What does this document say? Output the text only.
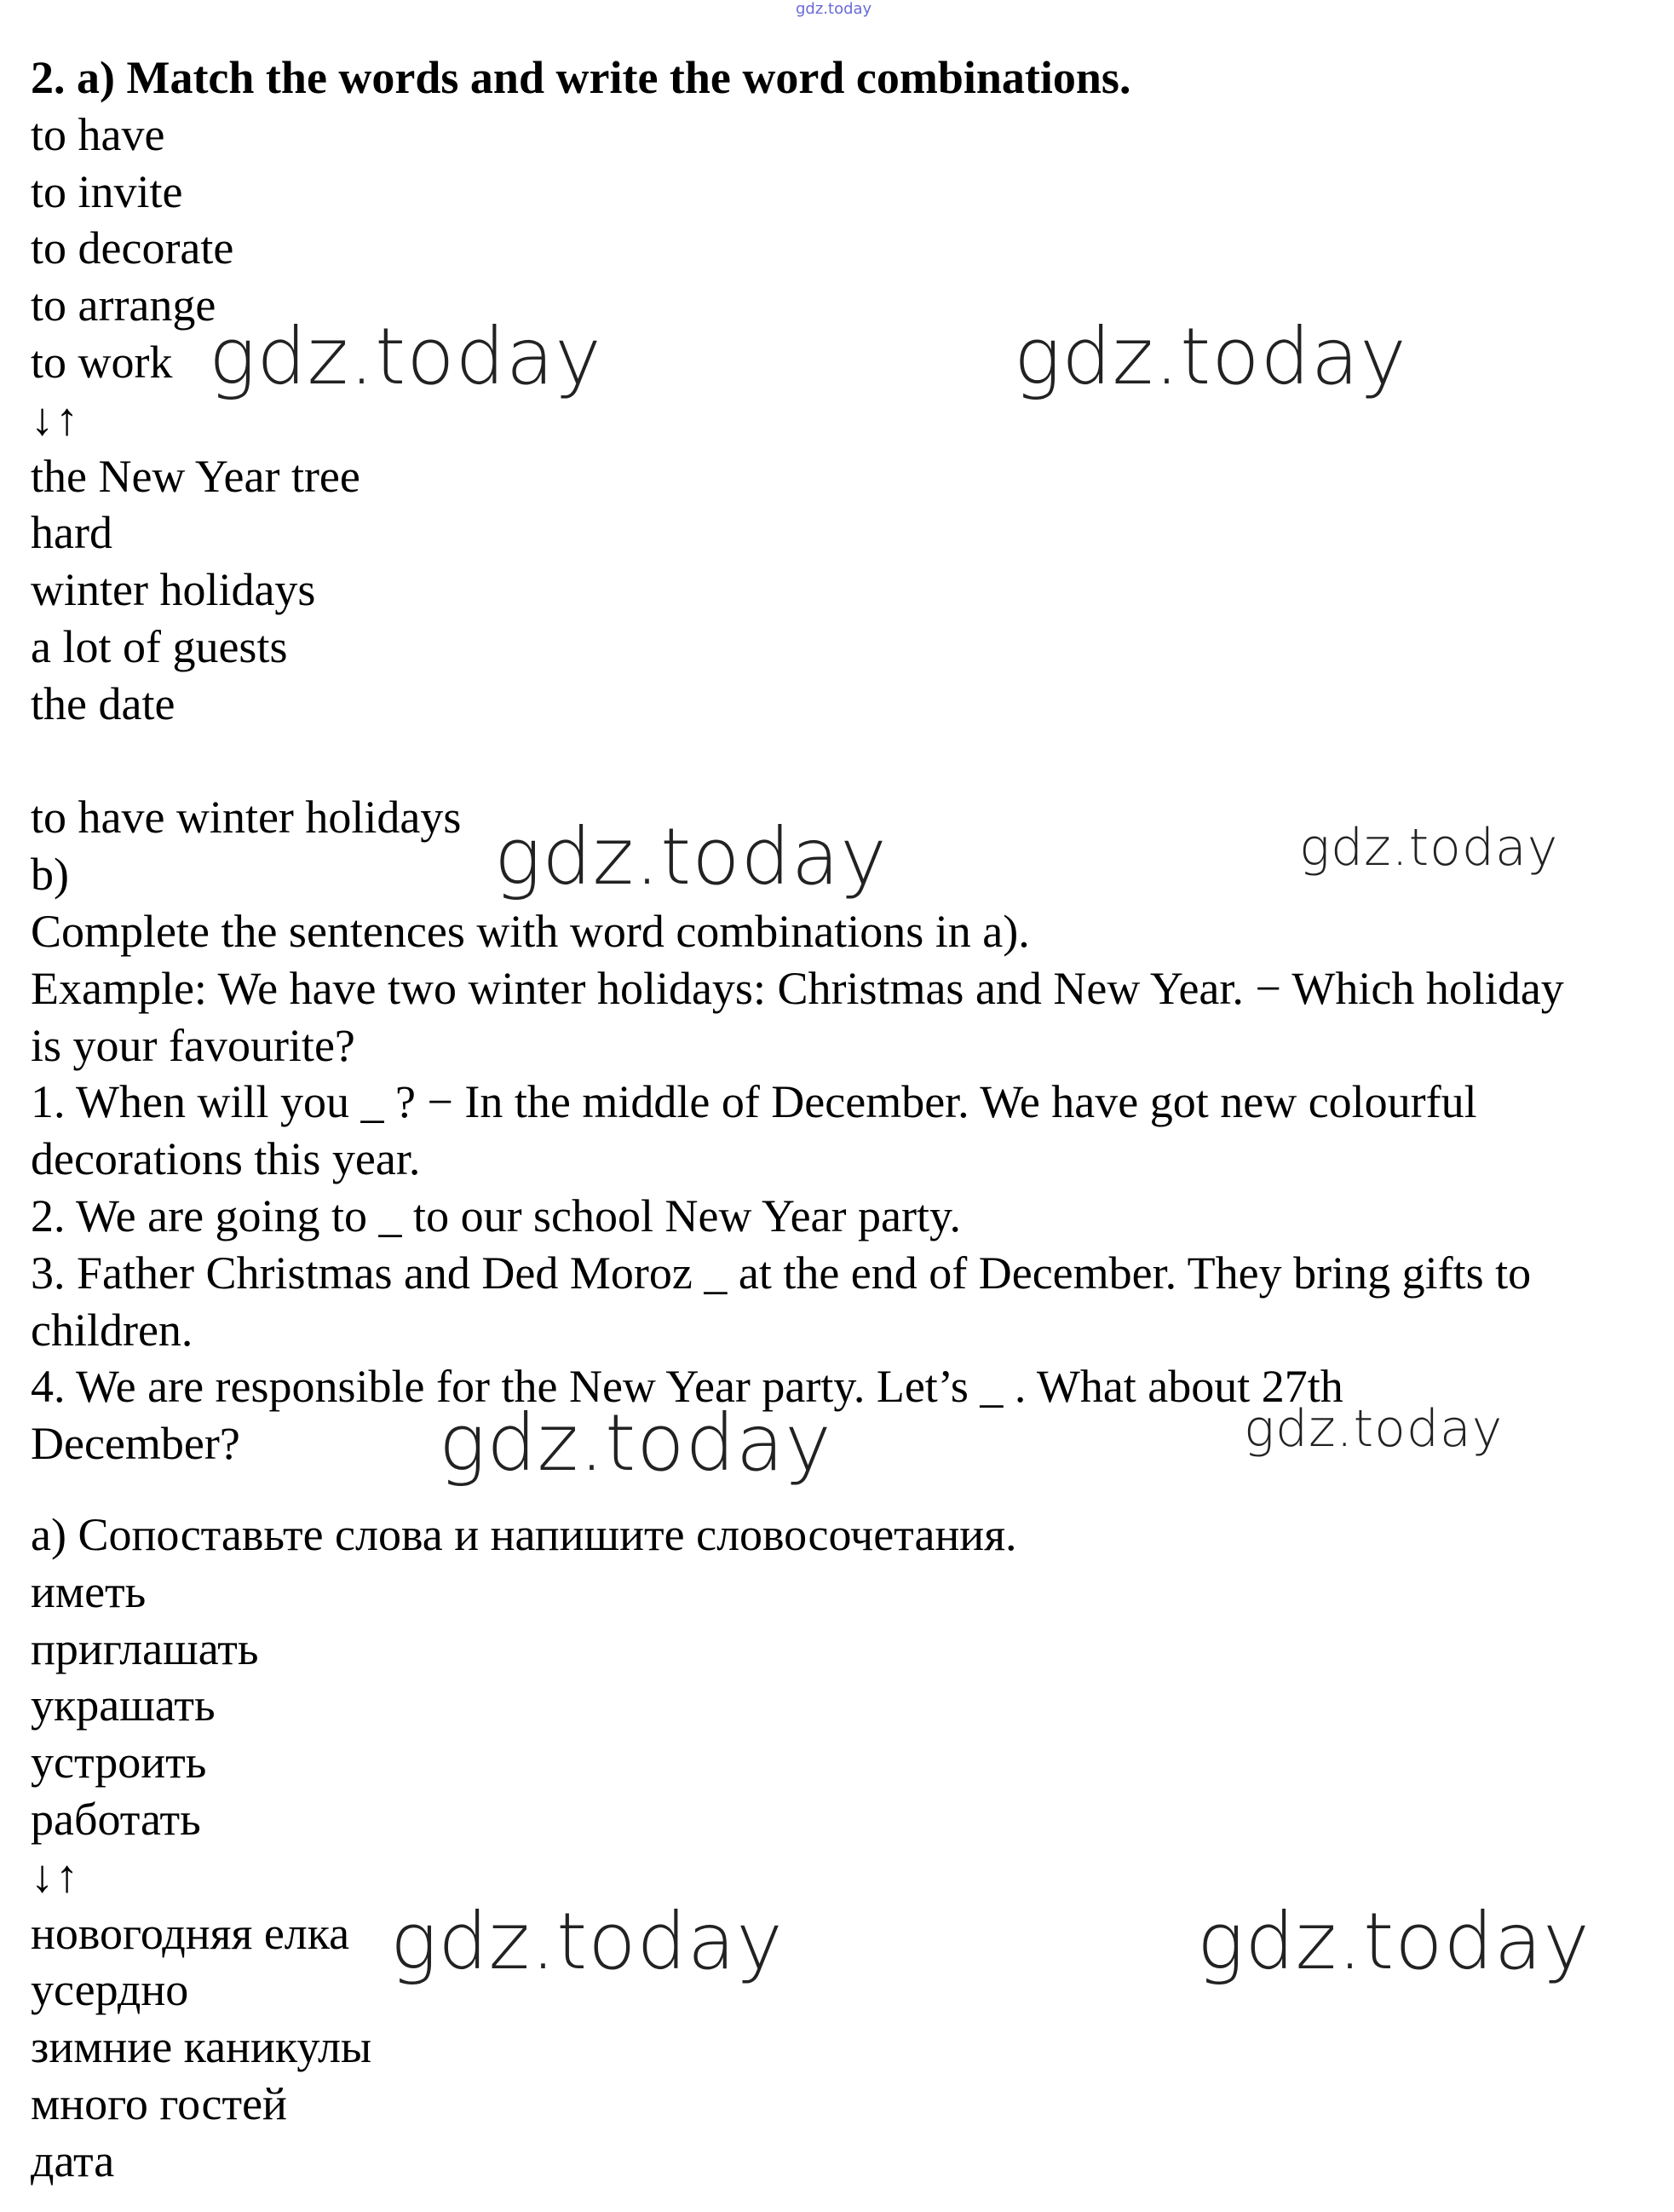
gdz.today
2. a) Match the words and write the word combinations.
to have
to invite
to decorate
to arrange
to work
↓↑
the New Year tree
hard
winter holidays
a lot of guests
the date
to have winter holidays
b)
Complete the sentences with word combinations in a).
Example: We have two winter holidays: Christmas and New Year. − Which holiday is your favourite?
1. When will you _ ? − In the middle of December. We have got new colourful decorations this year.
2. We are going to _ to our school New Year party.
3. Father Christmas and Ded Moroz _ at the end of December. They bring gifts to children.
4. We are responsible for the New Year party. Let’s _ . What about 27th December?
а) Сопоставьте слова и напишите словосочетания.
иметь
приглашать
украшать
устроить
работать
↓↑
новогодняя елка
усердно
зимние каникулы
много гостей
дата
gdz.today	gdz.today
gdz.today	gdz.today
gdz.today	gdz.today
gdz.today	gdz.today
